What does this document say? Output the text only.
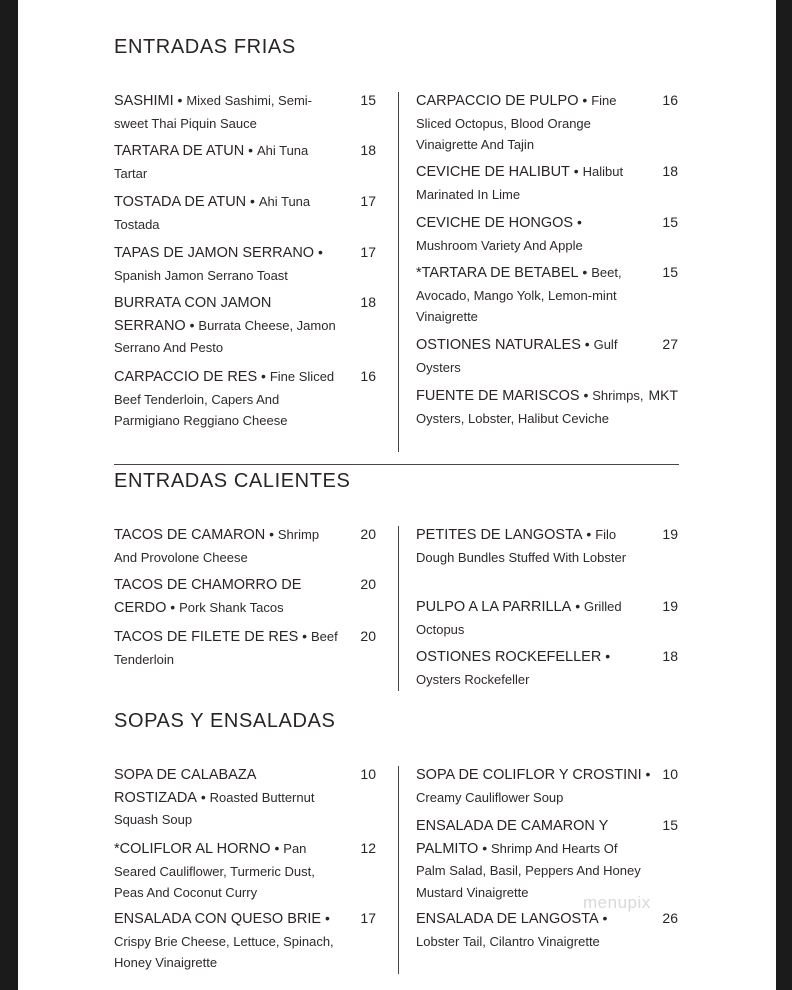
ENTRADAS FRIAS
SASHIMI • Mixed Sashimi, Semi-sweet Thai Piquin Sauce
15
TARTARA DE ATUN • Ahi Tuna Tartar
18
TOSTADA DE ATUN • Ahi Tuna Tostada
17
TAPAS DE JAMON SERRANO • Spanish Jamon Serrano Toast
17
BURRATA CON JAMON SERRANO • Burrata Cheese, Jamon Serrano And Pesto
18
CARPACCIO DE RES • Fine Sliced Beef Tenderloin, Capers And Parmigiano Reggiano Cheese
16
CARPACCIO DE PULPO • Fine Sliced Octopus, Blood Orange Vinaigrette And Tajin
16
CEVICHE DE HALIBUT • Halibut Marinated In Lime
18
CEVICHE DE HONGOS • Mushroom Variety And Apple
15
*TARTARA DE BETABEL • Beet, Avocado, Mango Yolk, Lemon-mint Vinaigrette
15
OSTIONES NATURALES • Gulf Oysters
27
FUENTE DE MARISCOS • Shrimps, Oysters, Lobster, Halibut Ceviche
MKT
ENTRADAS CALIENTES
TACOS DE CAMARON • Shrimp And Provolone Cheese
20
TACOS DE CHAMORRO DE CERDO • Pork Shank Tacos
20
TACOS DE FILETE DE RES • Beef Tenderloin
20
PETITES DE LANGOSTA • Filo Dough Bundles Stuffed With Lobster
19
PULPO A LA PARRILLA • Grilled Octopus
19
OSTIONES ROCKEFELLER • Oysters Rockefeller
18
SOPAS Y ENSALADAS
SOPA DE CALABAZA ROSTIZADA • Roasted Butternut Squash Soup
10
*COLIFLOR AL HORNO • Pan Seared Cauliflower, Turmeric Dust, Peas And Coconut Curry
12
ENSALADA CON QUESO BRIE • Crispy Brie Cheese, Lettuce, Spinach, Honey Vinaigrette
17
SOPA DE COLIFLOR Y CROSTINI • Creamy Cauliflower Soup
10
ENSALADA DE CAMARON Y PALMITO • Shrimp And Hearts Of Palm Salad, Basil, Peppers And Honey Mustard Vinaigrette
15
ENSALADA DE LANGOSTA • Lobster Tail, Cilantro Vinaigrette
26
menupix
